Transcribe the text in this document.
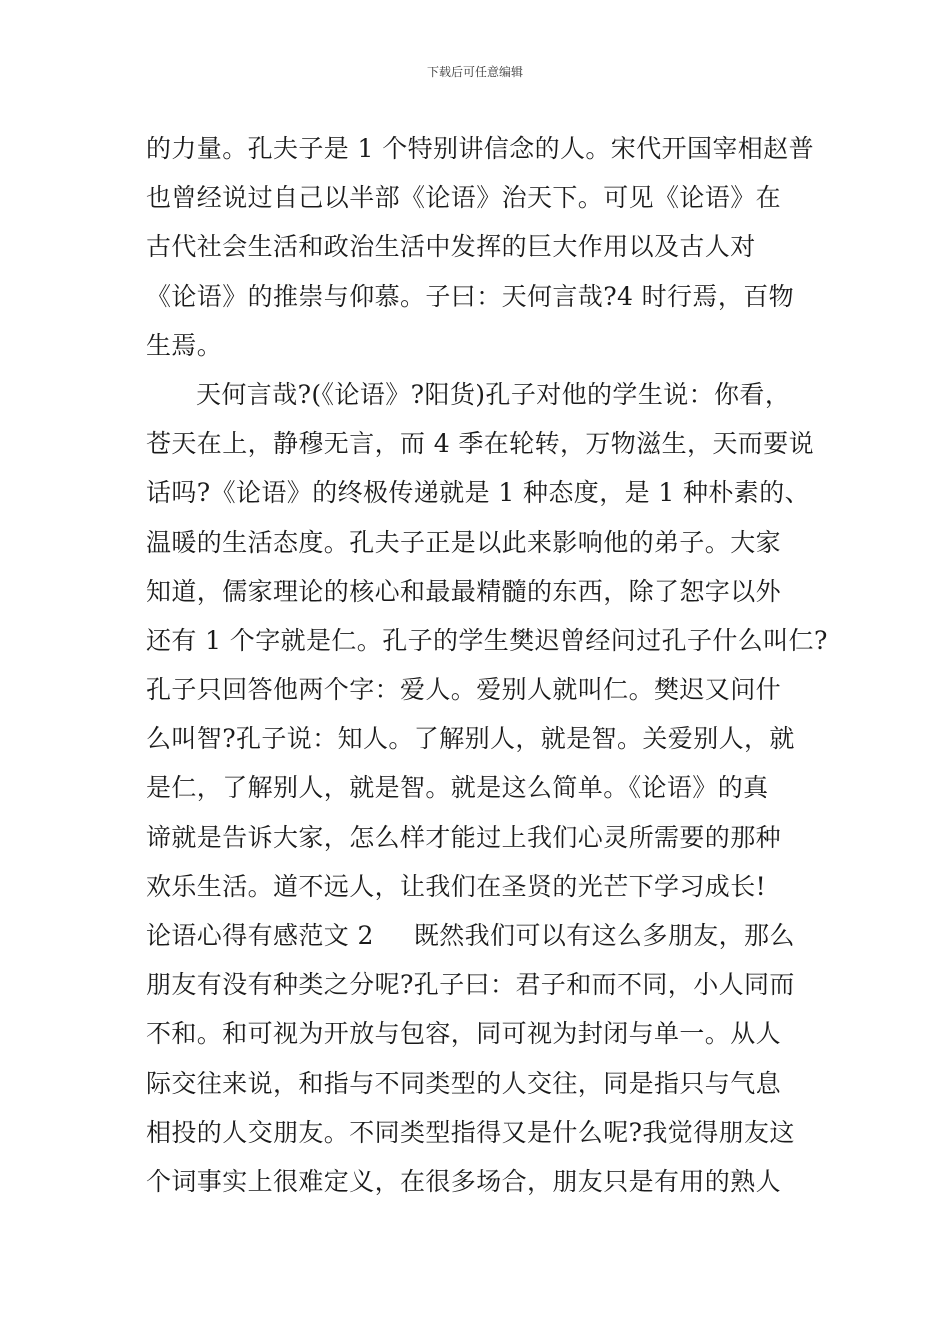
下载后可任意编辑
的力量。孔夫子是 1 个特别讲信念的人。宋代开国宰相赵普
也曾经说过自己以半部《论语》治天下。可见《论语》在
古代社会生活和政治生活中发挥的巨大作用以及古人对
《论语》的推崇与仰慕。子曰：天何言哉?4 时行焉，百物
生焉。
天何言哉?(《论语》?阳货)孔子对他的学生说：你看，
苍天在上，静穆无言，而 4 季在轮转，万物滋生，天而要说
话吗?《论语》的终极传递就是 1 种态度，是 1 种朴素的、
温暖的生活态度。孔夫子正是以此来影响他的弟子。大家
知道，儒家理论的核心和最最精髓的东西，除了恕字以外
还有 1 个字就是仁。孔子的学生樊迟曾经问过孔子什么叫仁?
孔子只回答他两个字：爱人。爱别人就叫仁。樊迟又问什
么叫智?孔子说：知人。了解别人，就是智。关爱别人，就
是仁，了解别人，就是智。就是这么简单。《论语》的真
谛就是告诉大家，怎么样才能过上我们心灵所需要的那种
欢乐生活。道不远人，让我们在圣贤的光芒下学习成长!
论语心得有感范文 2 既然我们可以有这么多朋友，那么
朋友有没有种类之分呢?孔子曰：君子和而不同，小人同而
不和。和可视为开放与包容，同可视为封闭与单一。从人
际交往来说，和指与不同类型的人交往，同是指只与气息
相投的人交朋友。不同类型指得又是什么呢?我觉得朋友这
个词事实上很难定义，在很多场合，朋友只是有用的熟人
